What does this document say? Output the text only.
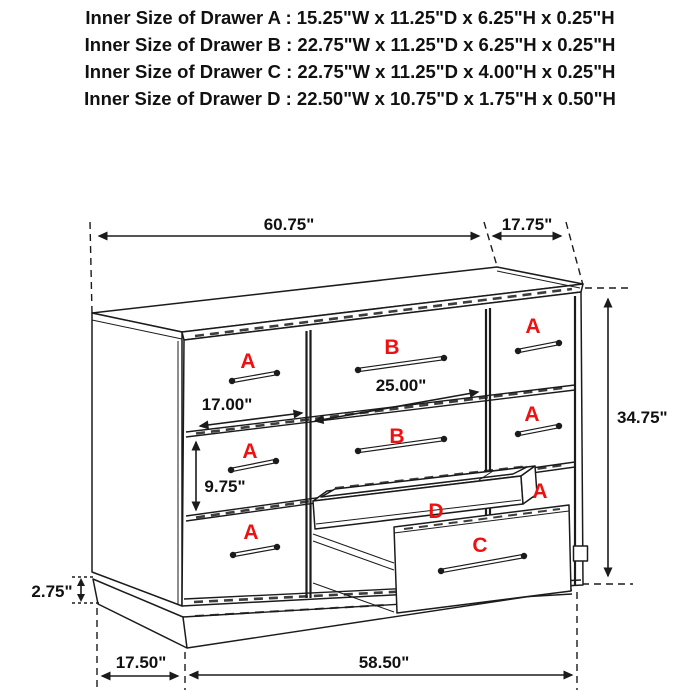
Inner Size of Drawer A : 15.25"W x 11.25"D x 6.25"H x 0.25"H
Inner Size of Drawer B : 22.75"W x 11.25"D x 6.25"H x 0.25"H
Inner Size of Drawer C : 22.75"W x 11.25"D x 4.00"H x 0.25"H
Inner Size of Drawer D : 22.50"W x 10.75"D x 1.75"H x 0.50"H
60.75"	17.75"
34.75"
A
A
A
B
B
A
A
A
D
C
17.00"
25.00"
9.75"
2.75"
17.50"	58.50"
